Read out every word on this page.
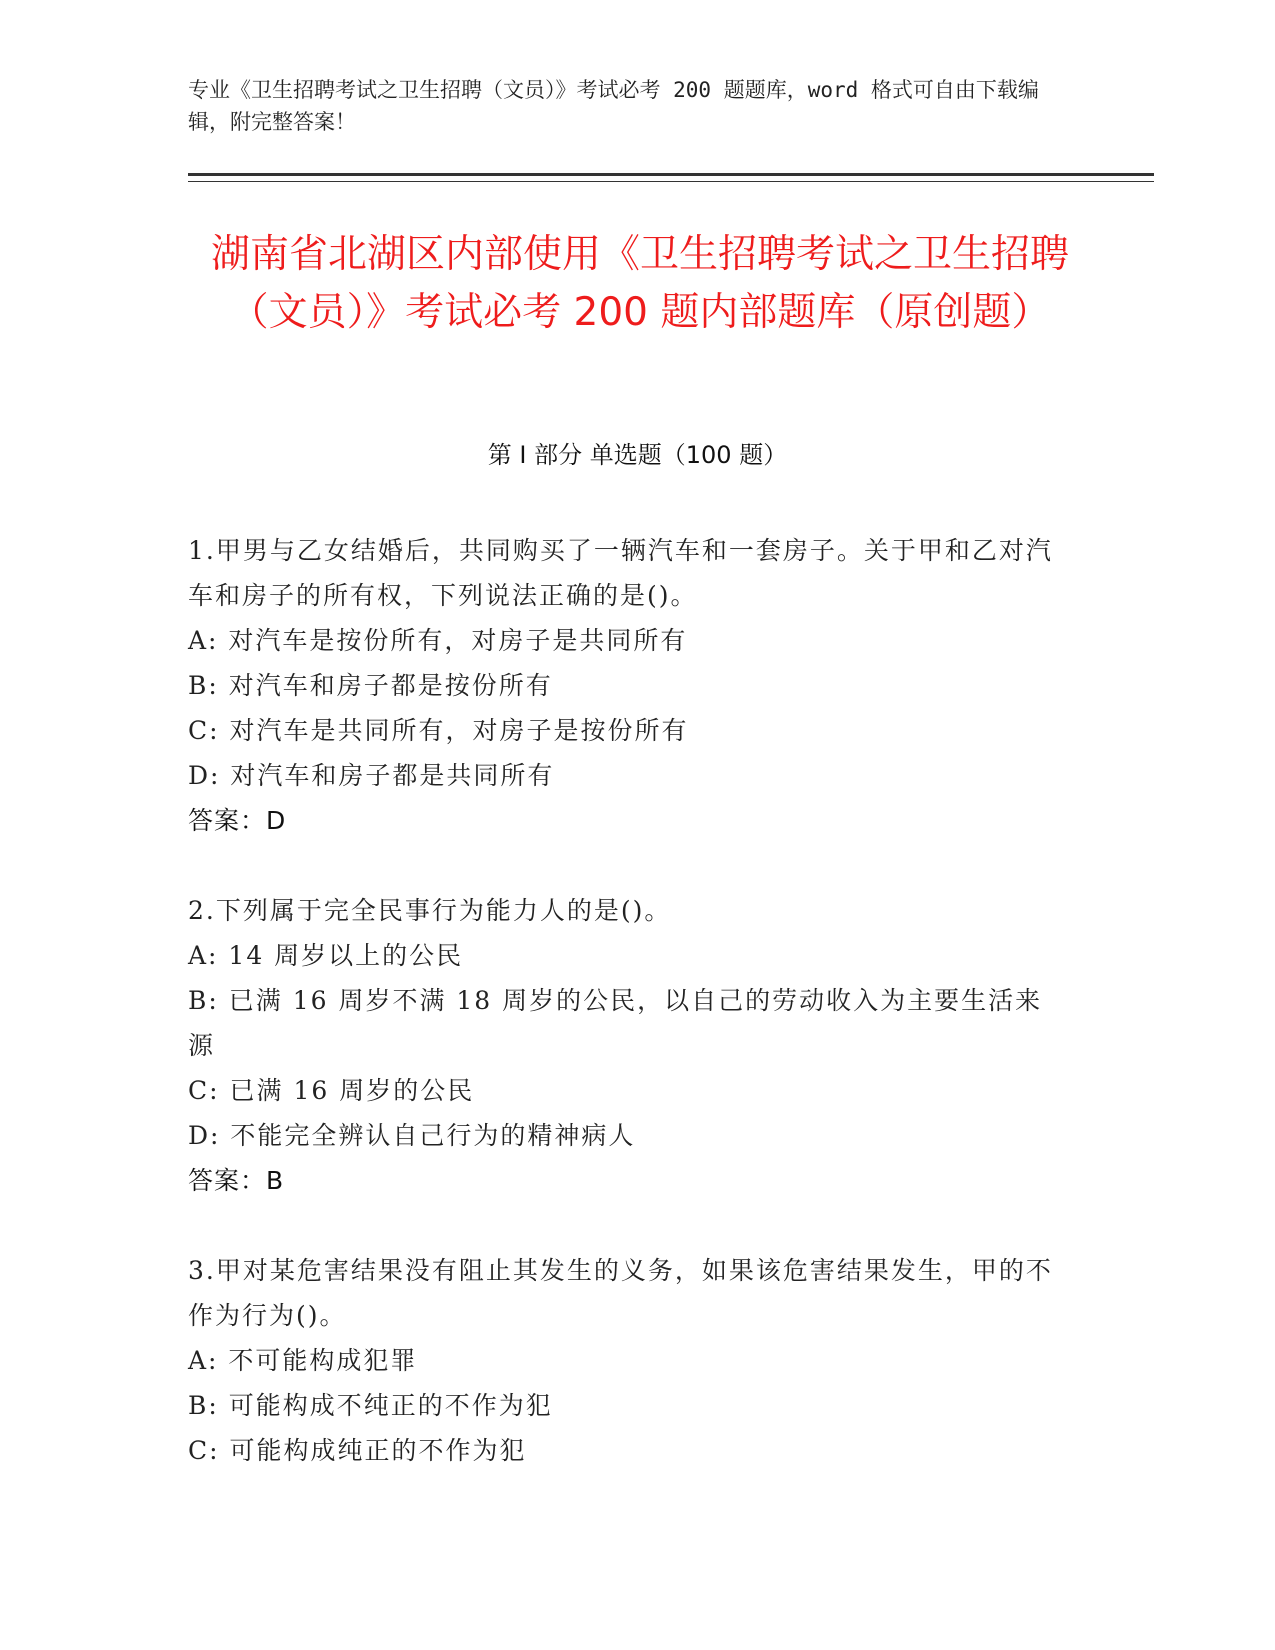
专业《卫生招聘考试之卫生招聘（文员）》考试必考 200 题题库，word 格式可自由下载编辑，附完整答案！
湖南省北湖区内部使用《卫生招聘考试之卫生招聘（文员）》考试必考 200 题内部题库（原创题）
第 I 部分 单选题（100 题）

1.甲男与乙女结婚后，共同购买了一辆汽车和一套房子。关于甲和乙对汽车和房子的所有权，下列说法正确的是()。

A: 对汽车是按份所有，对房子是共同所有

B: 对汽车和房子都是按份所有

C: 对汽车是共同所有，对房子是按份所有

D: 对汽车和房子都是共同所有

答案：D

2.下列属于完全民事行为能力人的是()。

A: 14 周岁以上的公民

B: 已满 16 周岁不满 18 周岁的公民，以自己的劳动收入为主要生活来源

C: 已满 16 周岁的公民

D: 不能完全辨认自己行为的精神病人

答案：B

3.甲对某危害结果没有阻止其发生的义务，如果该危害结果发生，甲的不作为行为()。

A: 不可能构成犯罪

B: 可能构成不纯正的不作为犯

C: 可能构成纯正的不作为犯
